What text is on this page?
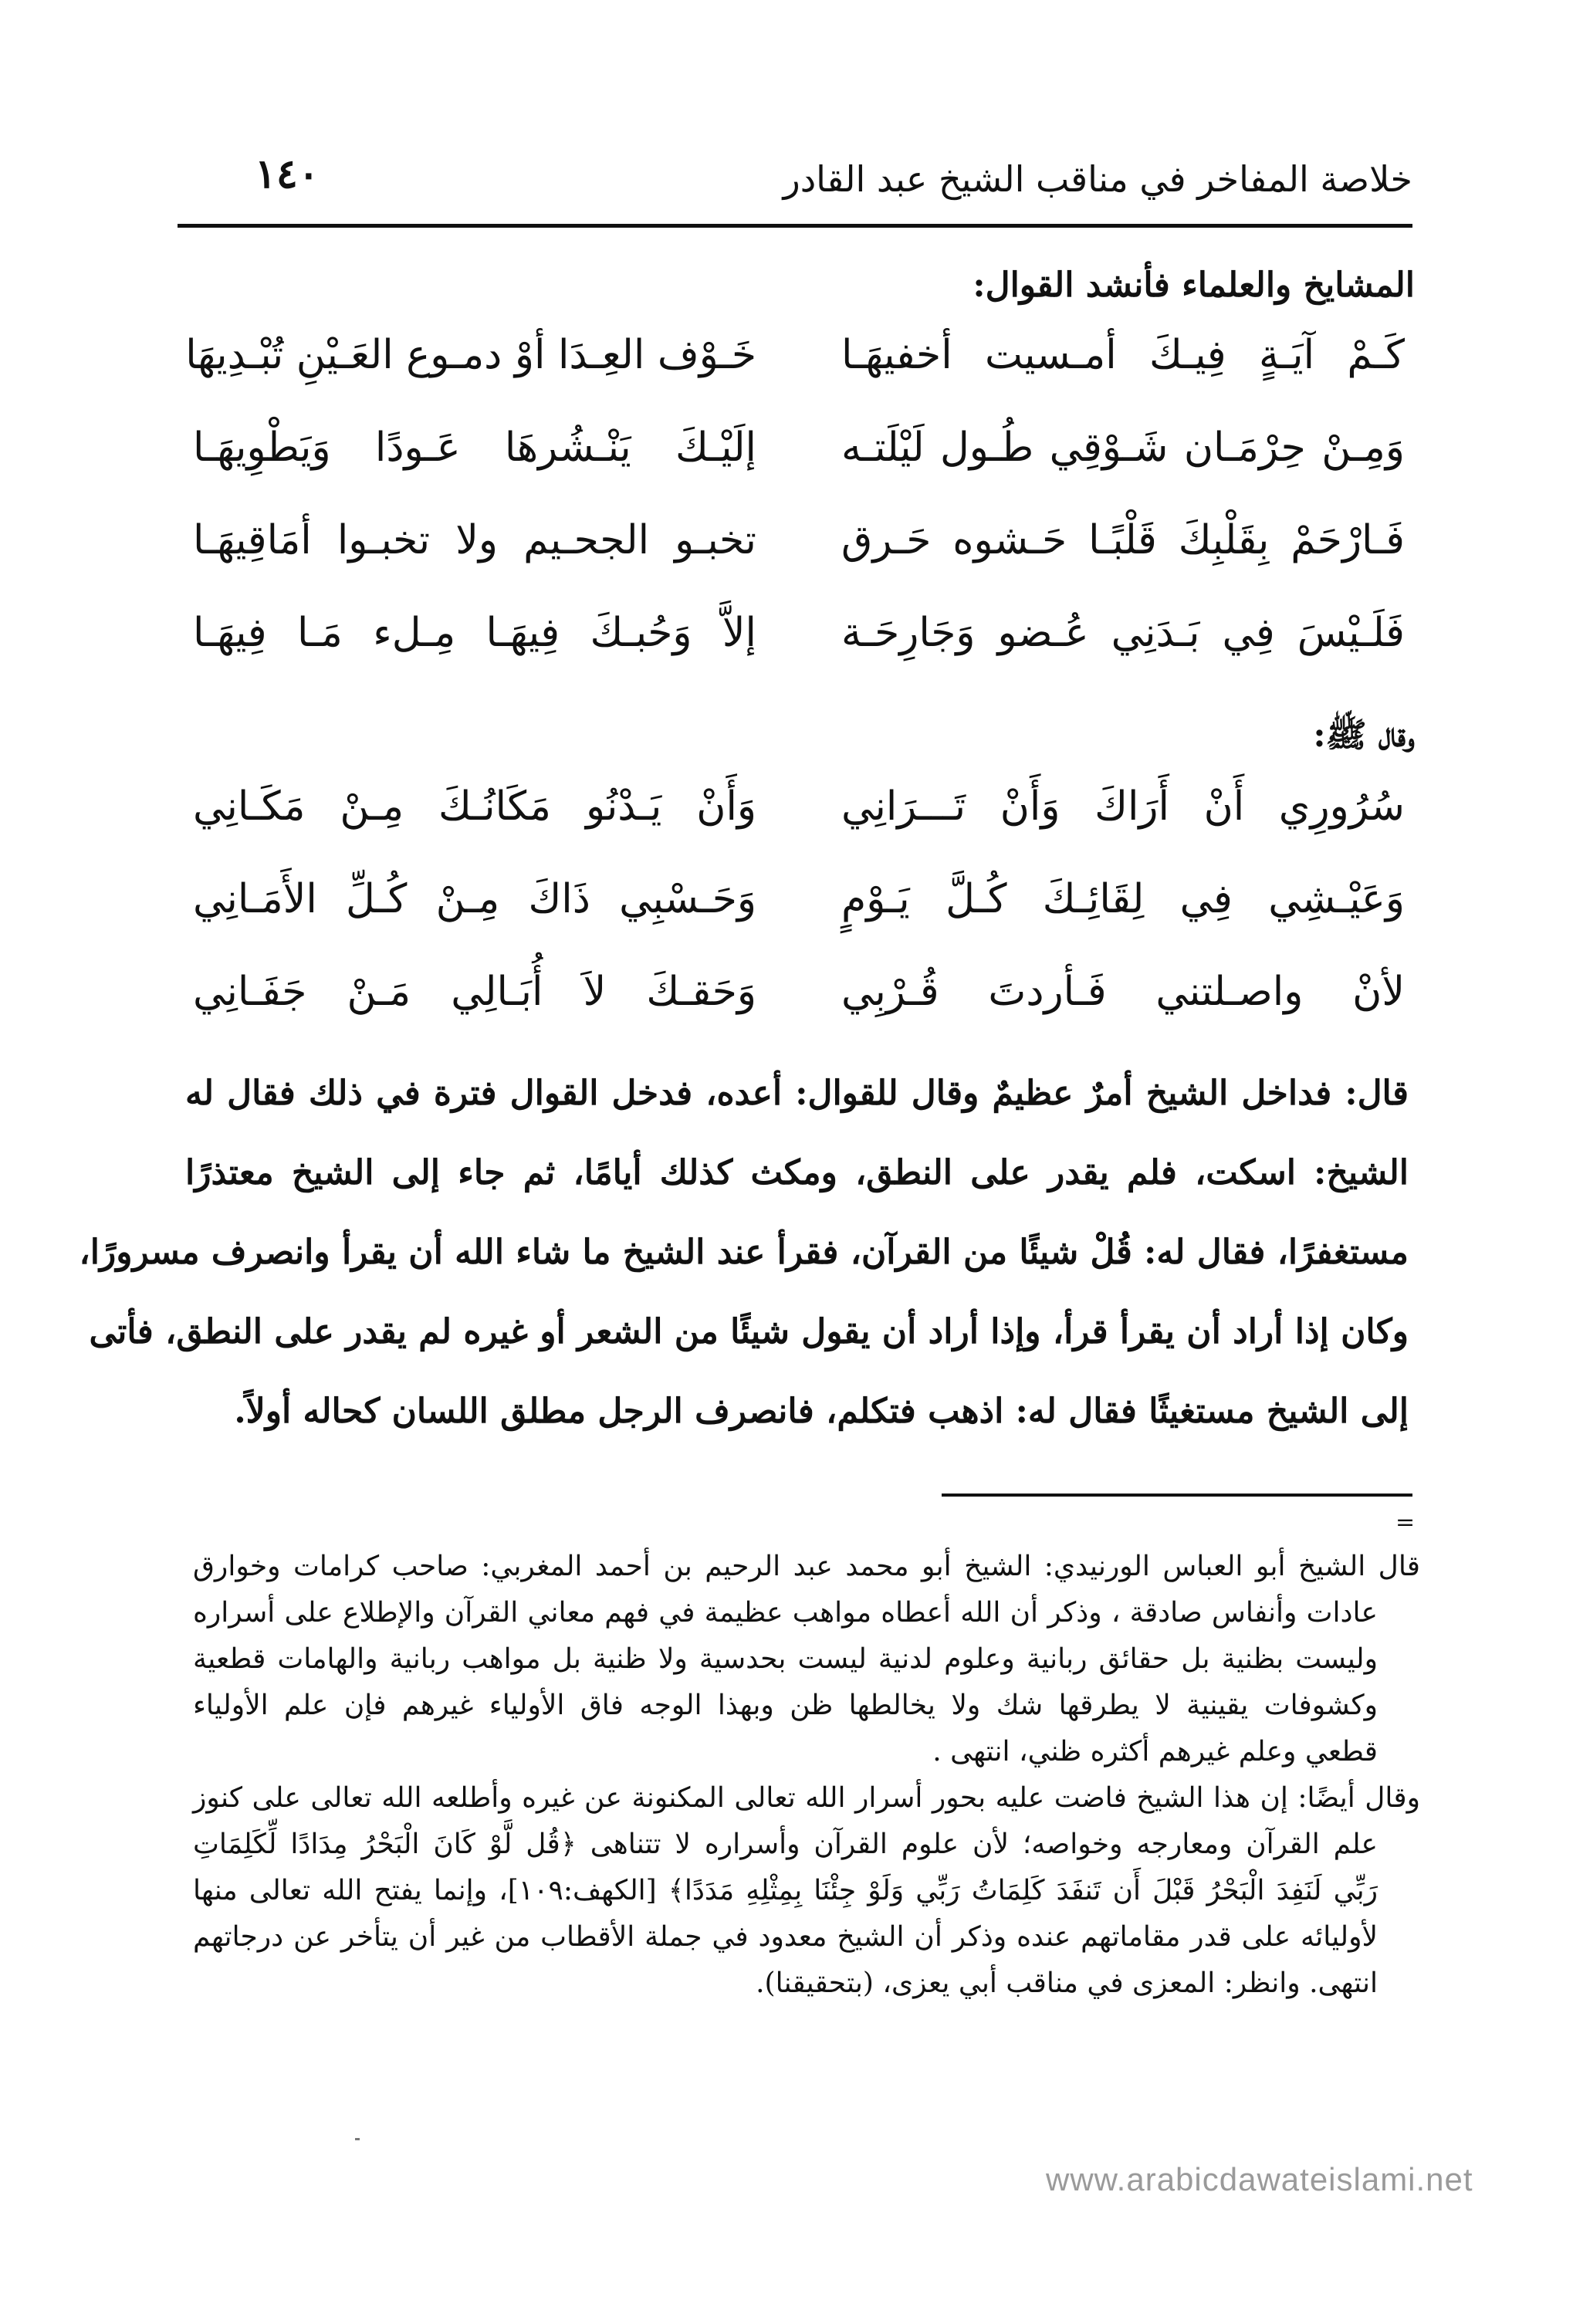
١٤٠	خلاصة المفاخر في مناقب الشيخ عبد القادر
المشايخ والعلماء فأنشد القوال:
كَـمْ آيَـةٍ فِيـكَ أمـسيت أخفيهَـا
خَـوْف العِـدَا أوْ دمـوع العَـيْنِ تُبْـدِيهَا
وَمِـنْ حِرْمَـان شَـوْقِي طُـول لَيْلَتـه
إلَيْـكَ يَنْـشُرهَا عَـودًا وَيَطْوِيهَـا
فَـارْحَمْ بِقَلْبِكَ قَلْبًـا حَـشوه حَـرق
تخبـو الجحـيم ولا تخبـوا أمَاقِيهَـا
فَلَـيْسَ فِي بَـدَنِي عُـضو وَجَارِحَـة
إلاَّ وَحُبـكَ فِيهَـا مِـلء مَـا فِيهَـا
وقال ﷺ:
سُرُورِي أَنْ أَرَاكَ وَأَنْ تَـــرَانِي
وَأَنْ يَـدْنُو مَكَانُـكَ مِـنْ مَكَـانِي
وَعَيْـشِي فِي لِقَائِـكَ كُـلَّ يَـوْمٍ
وَحَـسْبِي ذَاكَ مِـنْ كُـلِّ الأَمَـانِي
لأنْ واصـلتني فَـأردتَ قُـرْبِي
وَحَقـكَ لاَ أُبَـالِي مَـنْ جَفَـانِي
قال: فداخل الشيخ أمرٌ عظيمٌ وقال للقوال: أعده، فدخل القوال فترة في ذلك فقال له
الشيخ: اسكت، فلم يقدر على النطق، ومكث كذلك أيامًا، ثم جاء إلى الشيخ معتذرًا
مستغفرًا، فقال له: قُلْ شيئًا من القرآن، فقرأ عند الشيخ ما شاء الله أن يقرأ وانصرف مسرورًا،
وكان إذا أراد أن يقرأ قرأ، وإذا أراد أن يقول شيئًا من الشعر أو غيره لم يقدر على النطق، فأتى
إلى الشيخ مستغيثًا فقال له: اذهب فتكلم، فانصرف الرجل مطلق اللسان كحاله أولاً.
=
قال الشيخ أبو العباس الورنيدي: الشيخ أبو محمد عبد الرحيم بن أحمد المغربي: صاحب كرامات وخوارق
عادات وأنفاس صادقة ، وذكر أن الله أعطاه مواهب عظيمة في فهم معاني القرآن والإطلاع على أسراره
وليست بظنية بل حقائق ربانية وعلوم لدنية ليست بحدسية ولا ظنية بل مواهب ربانية والهامات قطعية
وكشوفات يقينية لا يطرقها شك ولا يخالطها ظن وبهذا الوجه فاق الأولياء غيرهم فإن علم الأولياء
قطعي وعلم غيرهم أكثره ظني، انتهى .
وقال أيضًا: إن هذا الشيخ فاضت عليه بحور أسرار الله تعالى المكنونة عن غيره وأطلعه الله تعالى على كنوز
علم القرآن ومعارجه وخواصه؛ لأن علوم القرآن وأسراره لا تتناهى ﴿قُل لَّوْ كَانَ الْبَحْرُ مِدَادًا لِّكَلِمَاتِ
رَبِّي لَنَفِدَ الْبَحْرُ قَبْلَ أَن تَنفَدَ كَلِمَاتُ رَبِّي وَلَوْ جِئْنَا بِمِثْلِهِ مَدَدًا﴾ [الكهف:١٠٩]، وإنما يفتح الله تعالى منها
لأوليائه على قدر مقاماتهم عنده وذكر أن الشيخ معدود في جملة الأقطاب من غير أن يتأخر عن درجاتهم
انتهى. وانظر: المعزى في مناقب أبي يعزى، (بتحقيقنا).
www.arabicdawateislami.net
